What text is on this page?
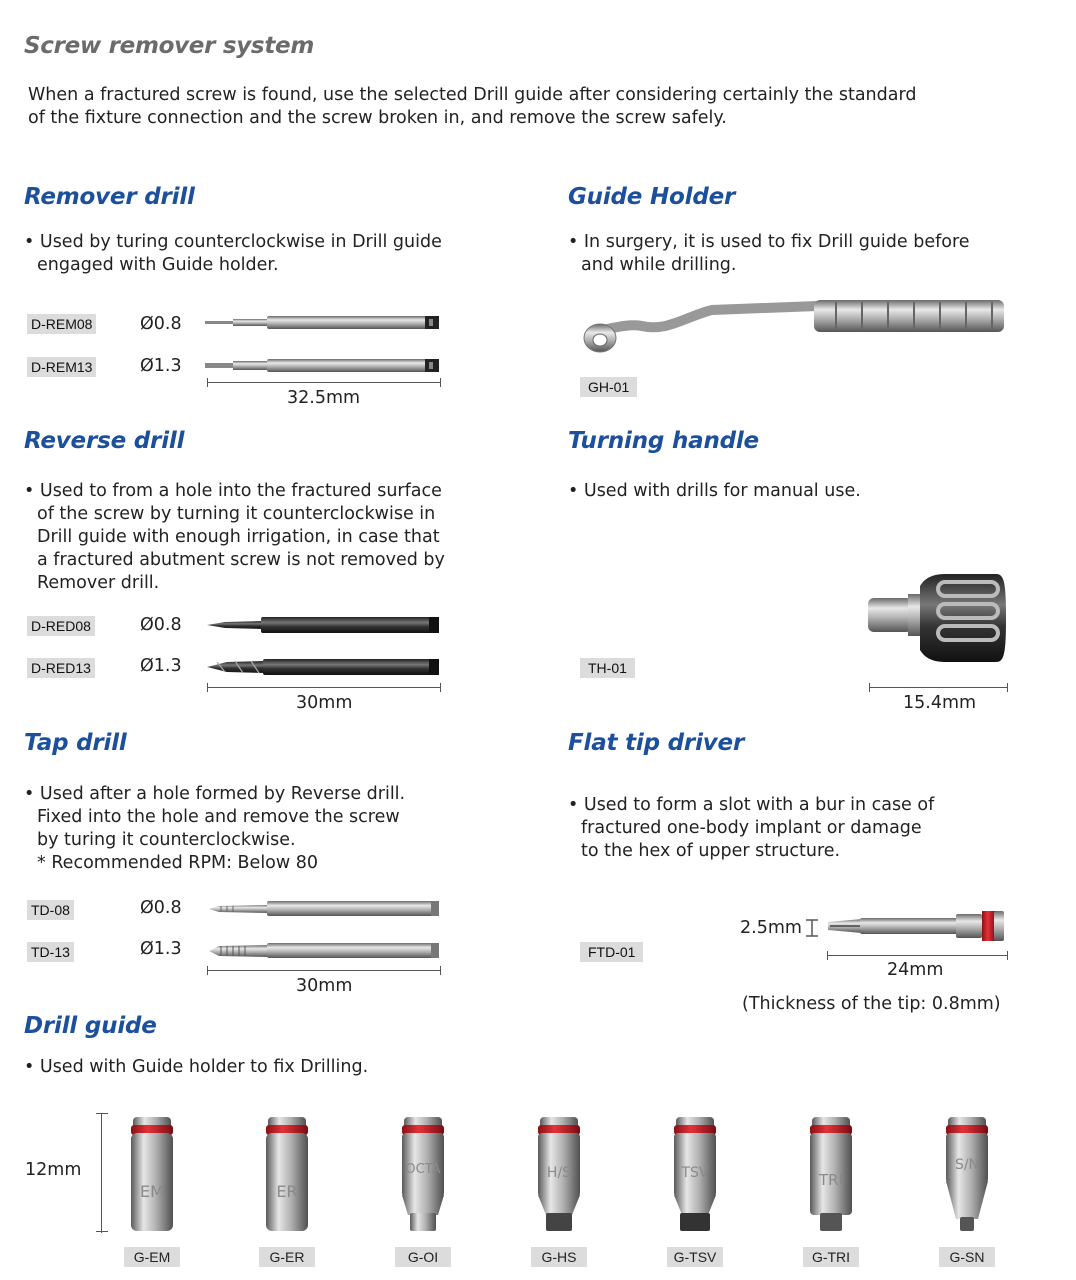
Screw remover system
When a fractured screw is found, use the selected Drill guide after considering certainly the standard
of the fixture connection and the screw broken in, and remove the screw safely.
Remover drill
• Used by turing counterclockwise in Drill guide
engaged with Guide holder.
D-REM08	Ø0.8
D-REM13	Ø1.3
32.5mm
Guide Holder
• In surgery, it is used to fix Drill guide before
and while drilling.
GH-01
Reverse drill
• Used to from a hole into the fractured surface
of the screw by turning it counterclockwise in
Drill guide with enough irrigation, in case that
a fractured abutment screw is not removed by
Remover drill.
D-RED08	Ø0.8
D-RED13	Ø1.3
30mm
Turning handle
• Used with drills for manual use.
TH-01
15.4mm
Tap drill
• Used after a hole formed by Reverse drill.
Fixed into the hole and remove the screw
by turing it counterclockwise.
* Recommended RPM: Below 80
TD-08	Ø0.8
TD-13	Ø1.3
30mm
Flat tip driver
• Used to form a slot with a bur in case of
fractured one-body implant or damage
to the hex of upper structure.
2.5mm
FTD-01
24mm
(Thickness of the tip: 0.8mm)
Drill guide
• Used with Guide holder to fix Drilling.
12mm
EM	ER
OCTA	H/S	TSV	TRI
S/N
G-EM	G-ER	G-OI	G-HS	G-TSV	G-TRI	G-SN
